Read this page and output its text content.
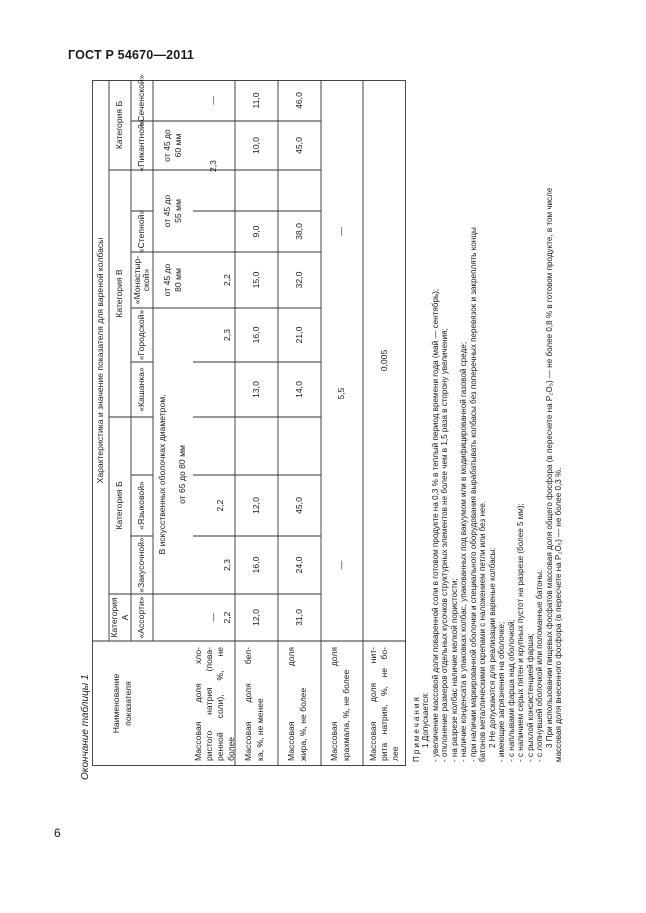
ГОСТ Р 54670—2011
6
Окончание таблицы 1	Наименование показателя
Характеристика и значение показателя для вареной колбасы
Категория А
Категория Б
Категория В
Категория Б
«Ассорти»
«Закусочной»
«Языковой»
«Кашанка»
«Городской»
«Монастыр- ской»
«Степной»
«Пикантной»
«Сеченской»
В искусственных оболочках диаметром,	от 65 до 80 мм
от 45 до 80 мм
от 45 до 55 мм
от 45 до 60 мм
Массовая доля хло- ристого натрия (пова- ренной соли), %, не более
— 2,2
2,3
2,2
2,3
2,2
2,3
—
Массовая доля бел- ка, %, не менее
12,0
16,0
12,0
13,0
16,0
15,0
9,0
10,0
11,0
Массовая доля жира, %, не более
31,0
24,0
45,0
14,0
21,0
32,0
38,0
45,0
46,0
Массовая доля крахмала, %, не более
—
5,5
—
Массовая доля нит- рита натрия, %, не бо- лее
0,005
Примечания 1 Допускается: - увеличение массовой доли поваренной соли в готовом продукте на 0,3 % в теплый период времени года (май — сентябрь); - отклонение размеров отдельных кусочков структурных элементов не более чем в 1,5 раза в сторону увеличения; - на разрезе колбас наличие мелкой пористости; - наличие конденсата в упаковках колбас, упакованных под вакуумом или в модифицированной газовой среде; - при наличии маркированной оболочки и специального оборудования вырабатывать колбасы без поперечных перевязок и закреплять концы батонов металлическими скрепами с наложением петли или без нее. 2 Не допускаются для реализации вареные колбасы: - имеющие загрязнения на оболочке; - с наплывами фарша над оболочкой; - с наличием серых пятен и крупных пустот на разрезе (более 5 мм); - с рыхлой консистенцией фарша; - с лопнувшей оболочкой или поломанные батоны. 3 При использовании пищевых фосфатов массовая доля общего фосфора (в пересчете на P₂O₅) — не более 0,8 % в готовом продукте, в том числе массовая доля внесенного фосфора (в пересчете на P₂O₅) — не более 0,3 %.
